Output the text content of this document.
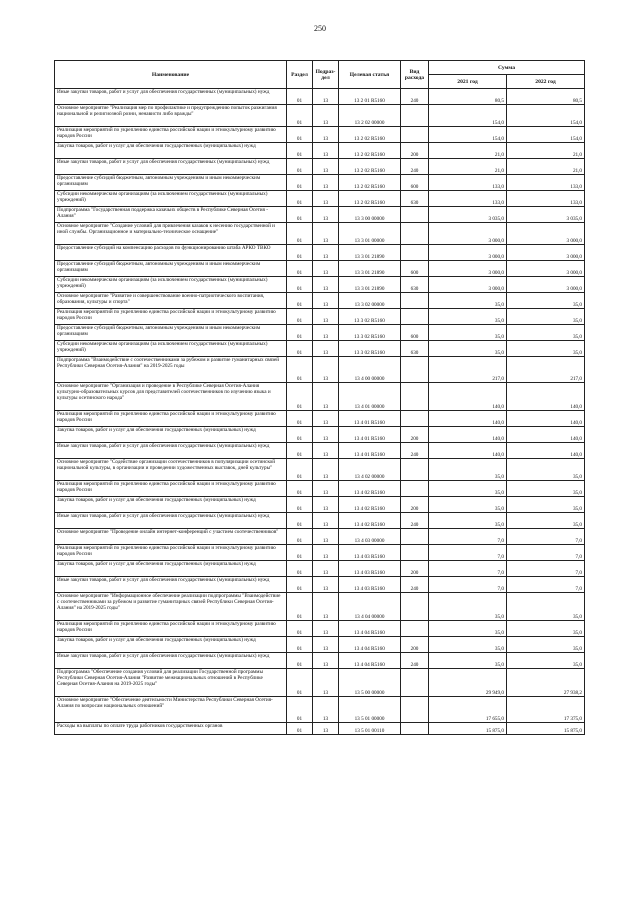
250
Наименование	Раздел	Подраз-дел	Целевая статья	Вид расхода	Сумма	
					2021 год	2022 год
Иные закупки товаров, работ и услуг для обеспечения государственных (муниципальных) нужд	01	13	13 2 01 R5160	240	80,5	80,5
Основное мероприятие "Реализация мер по профилактике и предупреждению попыток разжигания национальной и религиозной розни, ненависти либо вражды"	01	13	13 2 02 00000		154,0	154,0
Реализация мероприятий по укреплению единства российской нации и этнокультурному развитию народов России	01	13	13 2 02 R5160		154,0	154,0
Закупка товаров, работ и услуг для обеспечения государственных (муниципальных) нужд	01	13	13 2 02 R5160	200	21,0	21,0
Иные закупки товаров, работ и услуг для обеспечения государственных (муниципальных) нужд	01	13	13 2 02 R5160	240	21,0	21,0
Предоставление субсидий бюджетным, автономным учреждениям и иным некоммерческим организациям	01	13	13 2 02 R5160	600	133,0	133,0
Субсидии некоммерческим организациям (за исключением государственных (муниципальных) учреждений)	01	13	13 2 02 R5160	630	133,0	133,0
Подпрограмма "Государственная поддержка казачьих обществ в Республике Северная Осетия - Алания"	01	13	13 3 00 00000		3 035,0	3 035,0
Основное мероприятие "Создание условий для привлечения казаков к несению государственной и иной службы. Организационное и материально-техническое оснащение"	01	13	13 3 01 00000		3 000,0	3 000,0
Предоставление субсидий на компенсацию расходов по функционированию штаба АРКО ТВКО	01	13	13 3 01 21890		3 000,0	3 000,0
Предоставление субсидий бюджетным, автономным учреждениям и иным некоммерческим организациям	01	13	13 3 01 21890	600	3 000,0	3 000,0
Субсидии некоммерческим организациям (за исключением государственных (муниципальных) учреждений)	01	13	13 3 01 21890	630	3 000,0	3 000,0
Основное мероприятие "Развитие и совершенствование военно-патриотического воспитания, образования, культуры и спорта"	01	13	13 3 02 00000		35,0	35,0
Реализация мероприятий по укреплению единства российской нации и этнокультурному развитию народов России	01	13	13 3 02 R5160		35,0	35,0
Предоставление субсидий бюджетным, автономным учреждениям и иным некоммерческим организациям	01	13	13 3 02 R5160	600	35,0	35,0
Субсидии некоммерческим организациям (за исключением государственных (муниципальных) учреждений)	01	13	13 3 02 R5160	630	35,0	35,0
Подпрограмма "Взаимодействие с соотечественниками за рубежом и развитие гуманитарных связей Республики Северная Осетия-Алания" на 2019-2025 годы	01	13	13 4 00 00000		217,0	217,0
Основное мероприятие "Организация и проведение в Республике Северная Осетия-Алания культурно-образовательных курсов для представителей соотечественников по изучению языка и культуры осетинского народа"	01	13	13 4 01 00000		140,0	140,0
Реализация мероприятий по укреплению единства российской нации и этнокультурному развитию народов России	01	13	13 4 01 R5160		140,0	140,0
Закупка товаров, работ и услуг для обеспечения государственных (муниципальных) нужд	01	13	13 4 01 R5160	200	140,0	140,0
Иные закупки товаров, работ и услуг для обеспечения государственных (муниципальных) нужд	01	13	13 4 01 R5160	240	140,0	140,0
Основное мероприятие "Содействие организации соотечественников в популяризации осетинской национальной культуры, в организации и проведении художественных выставок, дней культуры"	01	13	13 4 02 00000		35,0	35,0
Реализация мероприятий по укреплению единства российской нации и этнокультурному развитию народов России	01	13	13 4 02 R5160		35,0	35,0
Закупка товаров, работ и услуг для обеспечения государственных (муниципальных) нужд	01	13	13 4 02 R5160	200	35,0	35,0
Иные закупки товаров, работ и услуг для обеспечения государственных (муниципальных) нужд	01	13	13 4 02 R5160	240	35,0	35,0
Основное мероприятие "Проведение онлайн интернет-конференций с участием соотечественников"	01	13	13 4 03 00000		7,0	7,0
Реализация мероприятий по укреплению единства российской нации и этнокультурному развитию народов России	01	13	13 4 03 R5160		7,0	7,0
Закупка товаров, работ и услуг для обеспечения государственных (муниципальных) нужд	01	13	13 4 03 R5160	200	7,0	7,0
Иные закупки товаров, работ и услуг для обеспечения государственных (муниципальных) нужд	01	13	13 4 03 R5160	240	7,0	7,0
Основное мероприятие "Информационное обеспечение реализации подпрограммы "Взаимодействие с соотечественниками за рубежом и развитие гуманитарных связей Республики Северная Осетия-Алания" на 2019-2025 годы"	01	13	13 4 04 00000		35,0	35,0
Реализация мероприятий по укреплению единства российской нации и этнокультурному развитию народов России	01	13	13 4 04 R5160		35,0	35,0
Закупка товаров, работ и услуг для обеспечения государственных (муниципальных) нужд	01	13	13 4 04 R5160	200	35,0	35,0
Иные закупки товаров, работ и услуг для обеспечения государственных (муниципальных) нужд	01	13	13 4 04 R5160	240	35,0	35,0
Подпрограмма "Обеспечение создания условий для реализации Государственной программы Республики Северная Осетия-Алания "Развитие межнациональных отношений в Республике Северная Осетия-Алания на 2019-2025 годы"	01	13	13 5 00 00000		29 949,0	27 938,2
Основное мероприятие "Обеспечение деятельности Министерства Республики Северная Осетия-Алания по вопросам национальных отношений"	01	13	13 5 01 00000		17 655,0	17 375,0
Расходы на выплаты по оплате труда работников государственных органов	01	13	13 5 01 00110		15 875,0	15 875,0
